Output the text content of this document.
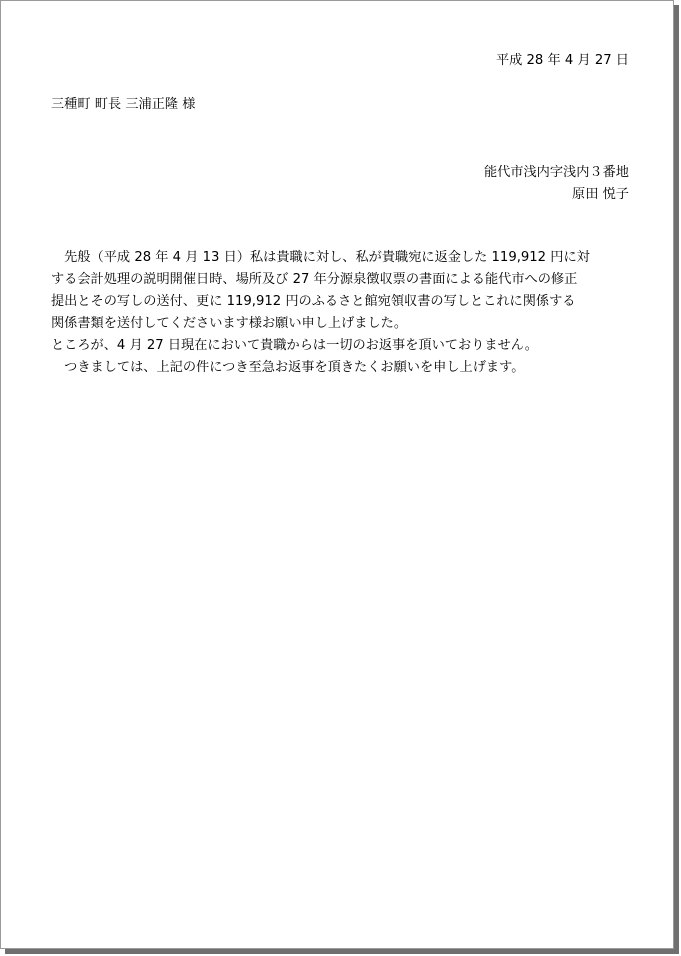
平成 28 年 4 月 27 日
三種町 町長 三浦正隆 様
能代市浅内字浅内３番地
原田 悦子
　先般（平成 28 年 4 月 13 日）私は貴職に対し、私が貴職宛に返金した 119,912 円に対
する会計処理の説明開催日時、場所及び 27 年分源泉徴収票の書面による能代市への修正
提出とその写しの送付、更に 119,912 円のふるさと館宛領収書の写しとこれに関係する
関係書類を送付してくださいます様お願い申し上げました。
ところが、4 月 27 日現在において貴職からは一切のお返事を頂いておりません。
　つきましては、上記の件につき至急お返事を頂きたくお願いを申し上げます。
